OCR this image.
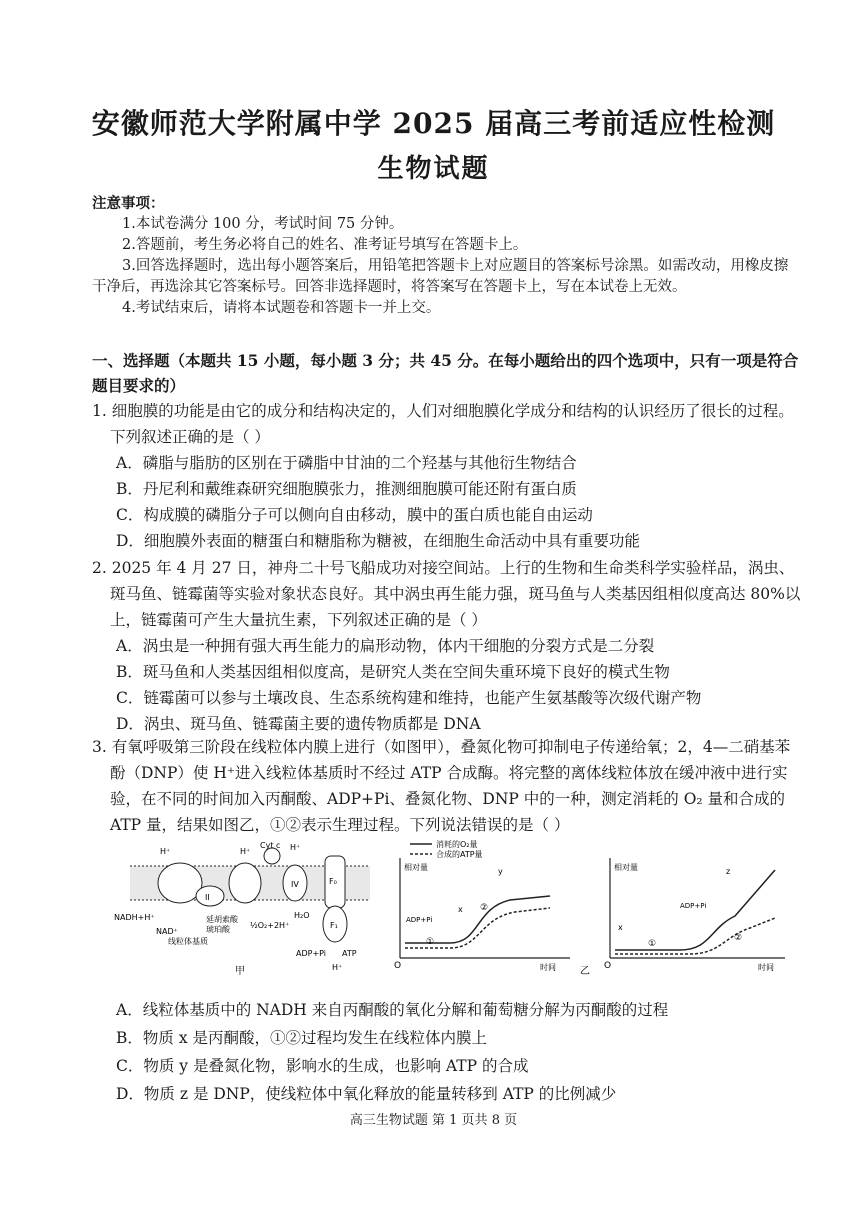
安徽师范大学附属中学 2025 届高三考前适应性检测
生物试题
注意事项：
1.本试卷满分 100 分，考试时间 75 分钟。
2.答题前，考生务必将自己的姓名、准考证号填写在答题卡上。
3.回答选择题时，选出每小题答案后，用铅笔把答题卡上对应题目的答案标号涂黑。如需改动，用橡皮擦干净后，再选涂其它答案标号。回答非选择题时，将答案写在答题卡上，写在本试卷上无效。
4.考试结束后，请将本试题卷和答题卡一并上交。
一、选择题（本题共 15 小题，每小题 3 分；共 45 分。在每小题给出的四个选项中，只有一项是符合题目要求的）
1. 细胞膜的功能是由它的成分和结构决定的，人们对细胞膜化学成分和结构的认识经历了很长的过程。下列叙述正确的是（ ）
A．磷脂与脂肪的区别在于磷脂中甘油的二个羟基与其他衍生物结合
B．丹尼利和戴维森研究细胞膜张力，推测细胞膜可能还附有蛋白质
C．构成膜的磷脂分子可以侧向自由移动，膜中的蛋白质也能自由运动
D．细胞膜外表面的糖蛋白和糖脂称为糖被，在细胞生命活动中具有重要功能
2. 2025 年 4 月 27 日，神舟二十号飞船成功对接空间站。上行的生物和生命类科学实验样品，涡虫、斑马鱼、链霉菌等实验对象状态良好。其中涡虫再生能力强，斑马鱼与人类基因组相似度高达 80%以上，链霉菌可产生大量抗生素，下列叙述正确的是（ ）
A．涡虫是一种拥有强大再生能力的扁形动物，体内干细胞的分裂方式是二分裂
B．斑马鱼和人类基因组相似度高，是研究人类在空间失重环境下良好的模式生物
C．链霉菌可以参与土壤改良、生态系统构建和维持，也能产生氨基酸等次级代谢产物
D．涡虫、斑马鱼、链霉菌主要的遗传物质都是 DNA
3. 有氧呼吸第三阶段在线粒体内膜上进行（如图甲），叠氮化物可抑制电子传递给氧；2，4—二硝基苯酚（DNP）使 H⁺进入线粒体基质时不经过 ATP 合成酶。将完整的离体线粒体放在缓冲液中进行实验，在不同的时间加入丙酮酸、ADP+Pi、叠氮化物、DNP 中的一种，测定消耗的 O₂ 量和合成的 ATP 量，结果如图乙，①②表示生理过程。下列说法错误的是（ ）
II
IV	F₀
F₁
H⁺	H⁺
Cyt c H⁺
NADH+H⁺
NAD⁺
线粒体基质
延胡索酸
琥珀酸	½O₂+2H⁺
H₂O
ADP+Pi ATP
H⁺
甲
消耗的O₂量
合成的ATP量
相对量
O	时间
ADP+Pi
x
y
①
②
相对量
O	时间
x
ADP+Pi
z
①
②
乙
A．线粒体基质中的 NADH 来自丙酮酸的氧化分解和葡萄糖分解为丙酮酸的过程
B．物质 x 是丙酮酸，①②过程均发生在线粒体内膜上
C．物质 y 是叠氮化物，影响水的生成，也影响 ATP 的合成
D．物质 z 是 DNP，使线粒体中氧化释放的能量转移到 ATP 的比例减少
高三生物试题 第 1 页共 8 页
